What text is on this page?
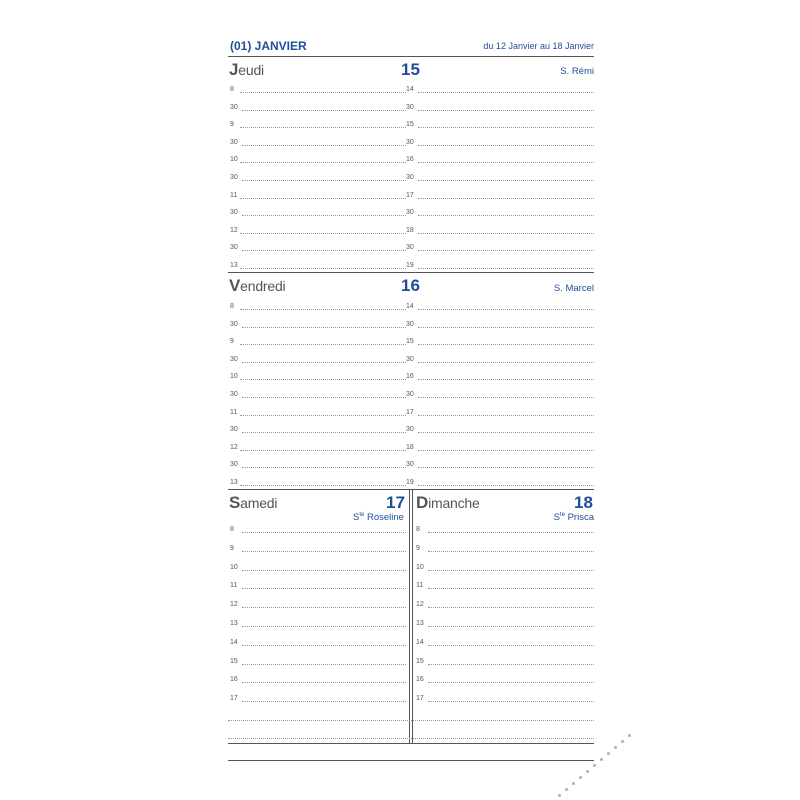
(01) JANVIER	du 12 Janvier au 18 Janvier
Jeudi	15	S. Rémi
8
30
9
30
10
30
11
30
12
30
13
14
30
15
30
16
30
17
30
18
30
19
Vendredi	16	S. Marcel
8
30
9
30
10
30
11
30
12
30
13
14
30
15
30
16
30
17
30
18
30
19
Samedi	17
$S^{te}$ Roseline
8
9
10
11
12
13
14
15
16
17
Dimanche	18
$S^{te}$ Prisca
8
9
10
11
12
13
14
15
16
17
